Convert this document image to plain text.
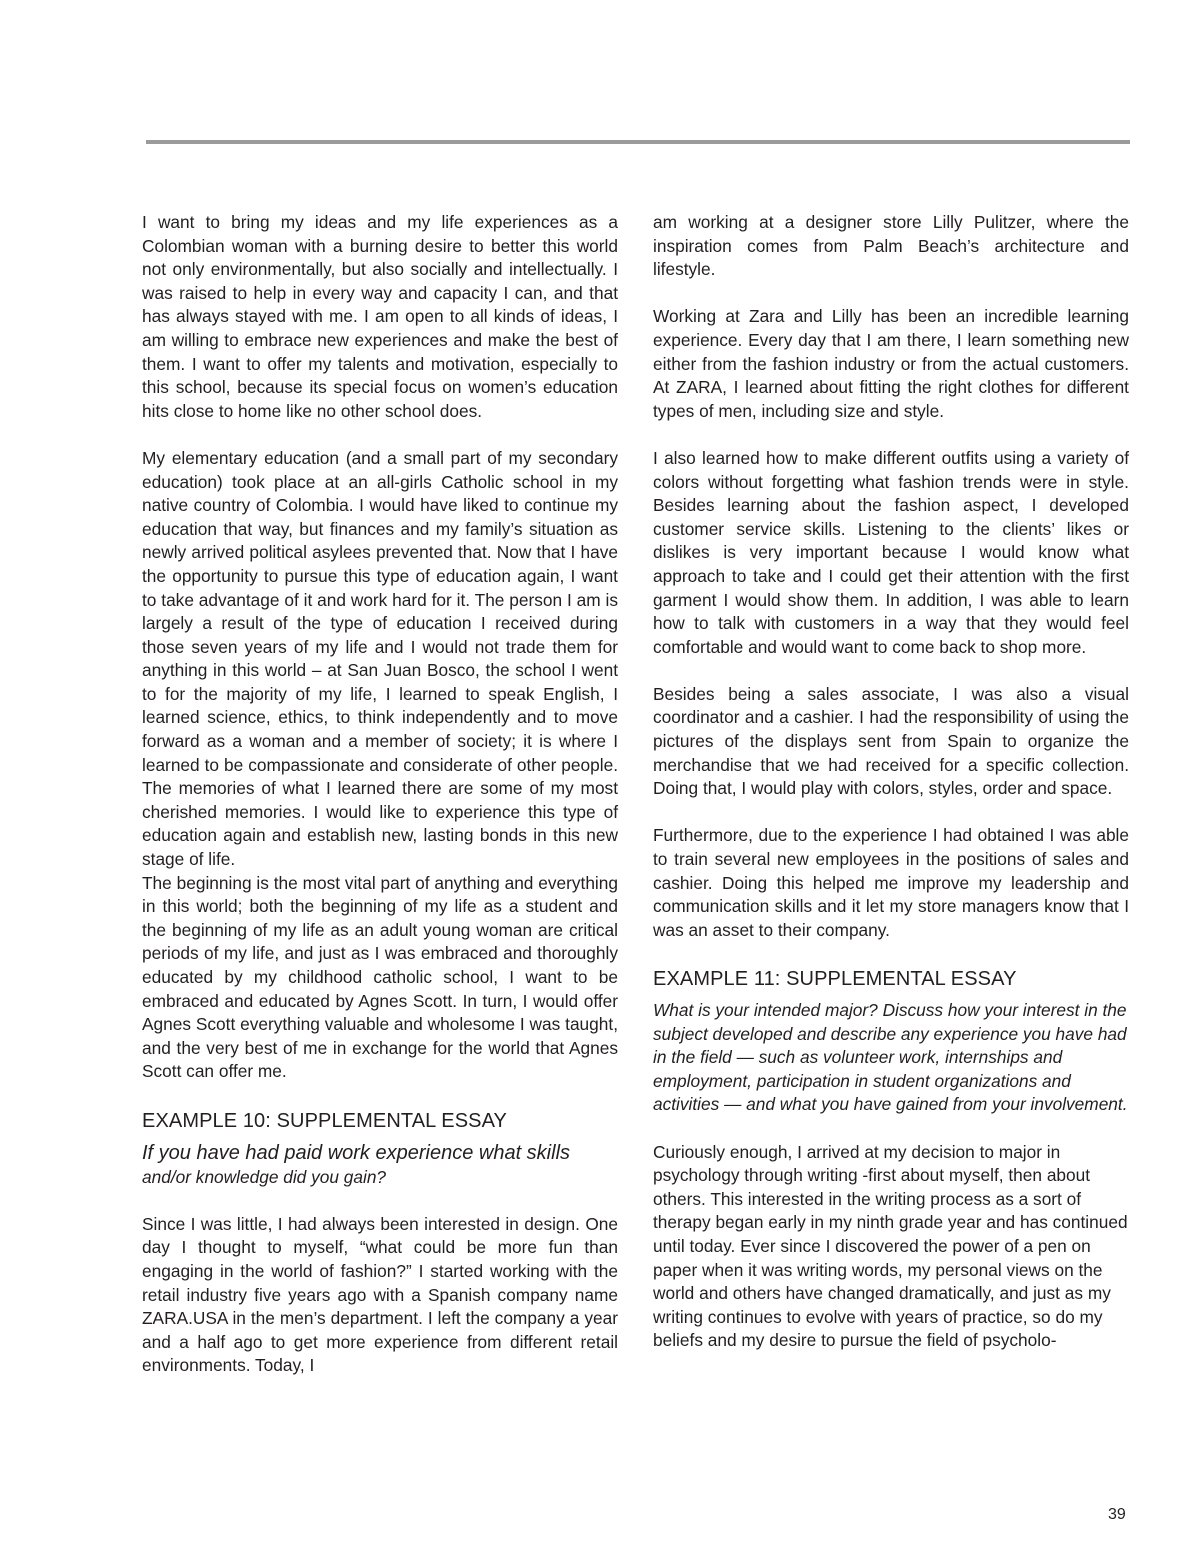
I want to bring my ideas and my life experiences as a Colombian woman with a burning desire to better this world not only environmentally, but also socially and intellectually. I was raised to help in every way and capacity I can, and that has always stayed with me. I am open to all kinds of ideas, I am willing to embrace new experiences and make the best of them. I want to offer my talents and motivation, especially to this school, because its special focus on women’s education hits close to home like no other school does.

My elementary education (and a small part of my secondary education) took place at an all-girls Catholic school in my native country of Colombia. I would have liked to continue my education that way, but finances and my family’s situation as newly arrived political asylees prevented that. Now that I have the opportunity to pursue this type of education again, I want to take advantage of it and work hard for it. The person I am is largely a result of the type of education I received during those seven years of my life and I would not trade them for anything in this world – at San Juan Bosco, the school I went to for the majority of my life, I learned to speak English, I learned science, ethics, to think independently and to move forward as a woman and a member of society; it is where I learned to be compassionate and considerate of other people. The memories of what I learned there are some of my most cherished memories. I would like to experience this type of education again and establish new, lasting bonds in this new stage of life.

The beginning is the most vital part of anything and everything in this world; both the beginning of my life as a student and the beginning of my life as an adult young woman are critical periods of my life, and just as I was embraced and thoroughly educated by my childhood catholic school, I want to be embraced and educated by Agnes Scott. In turn, I would offer Agnes Scott everything valuable and wholesome I was taught, and the very best of me in exchange for the world that Agnes Scott can offer me.

EXAMPLE 10: SUPPLEMENTAL ESSAY
If you have had paid work experience what skills
and/or knowledge did you gain?

Since I was little, I had always been interested in design. One day I thought to myself, “what could be more fun than engaging in the world of fashion?” I started working with the retail industry five years ago with a Spanish company name ZARA.USA in the men’s department. I left the company a year and a half ago to get more experience from different retail environments. Today, I

am working at a designer store Lilly Pulitzer, where the inspiration comes from Palm Beach’s architecture and lifestyle.

Working at Zara and Lilly has been an incredible learning experience. Every day that I am there, I learn something new either from the fashion industry or from the actual customers. At ZARA, I learned about fitting the right clothes for different types of men, including size and style.

I also learned how to make different outfits using a variety of colors without forgetting what fashion trends were in style. Besides learning about the fashion aspect, I developed customer service skills. Listening to the clients’ likes or dislikes is very important because I would know what approach to take and I could get their attention with the first garment I would show them. In addition, I was able to learn how to talk with customers in a way that they would feel comfortable and would want to come back to shop more.

Besides being a sales associate, I was also a visual coordinator and a cashier. I had the responsibility of using the pictures of the displays sent from Spain to organize the merchandise that we had received for a specific collection. Doing that, I would play with colors, styles, order and space.

Furthermore, due to the experience I had obtained I was able to train several new employees in the positions of sales and cashier. Doing this helped me improve my leadership and communication skills and it let my store managers know that I was an asset to their company.

EXAMPLE 11: SUPPLEMENTAL ESSAY
What is your intended major? Discuss how your interest in the subject developed and describe any experience you have had in the field — such as volunteer work, internships and employment, participation in student organizations and activities — and what you have gained from your involvement.

Curiously enough, I arrived at my decision to major in psychology through writing -first about myself, then about others. This interested in the writing process as a sort of therapy began early in my ninth grade year and has continued until today. Ever since I discovered the power of a pen on paper when it was writing words, my personal views on the world and others have changed dramatically, and just as my writing continues to evolve with years of practice, so do my beliefs and my desire to pursue the field of psycholo-

39
